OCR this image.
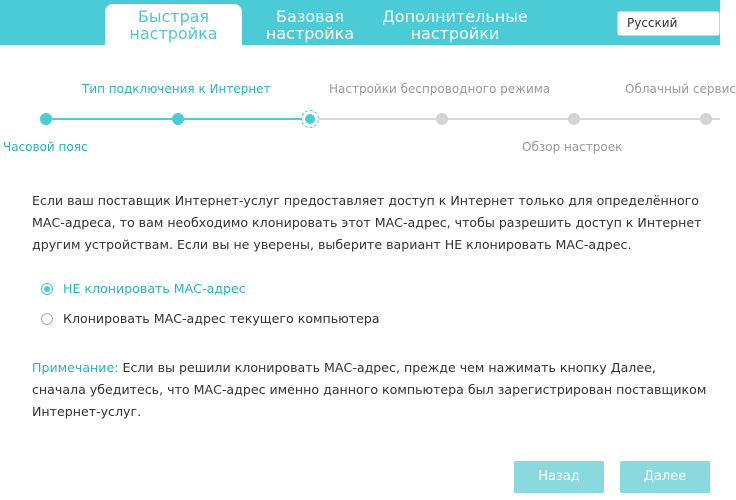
Быстрая
настройка
Базовая
настройка
Дополнительные
настройки
Русский
Тип подключения к Интернет	Настройки беспроводного режима	Облачный сервис
Часовой пояс	Обзор настроек
Если ваш поставщик Интернет-услуг предоставляет доступ к Интернет только для определённого МАС-адреса, то вам необходимо клонировать этот МАС-адрес, чтобы разрешить доступ к Интернет другим устройствам. Если вы не уверены, выберите вариант НЕ клонировать МАС-адрес.
НЕ клонировать МАС-адрес
Клонировать МАС-адрес текущего компьютера
Примечание: Если вы решили клонировать МАС-адрес, прежде чем нажимать кнопку Далее, сначала убедитесь, что МАС-адрес именно данного компьютера был зарегистрирован поставщиком Интернет-услуг.
Назад	Далее
